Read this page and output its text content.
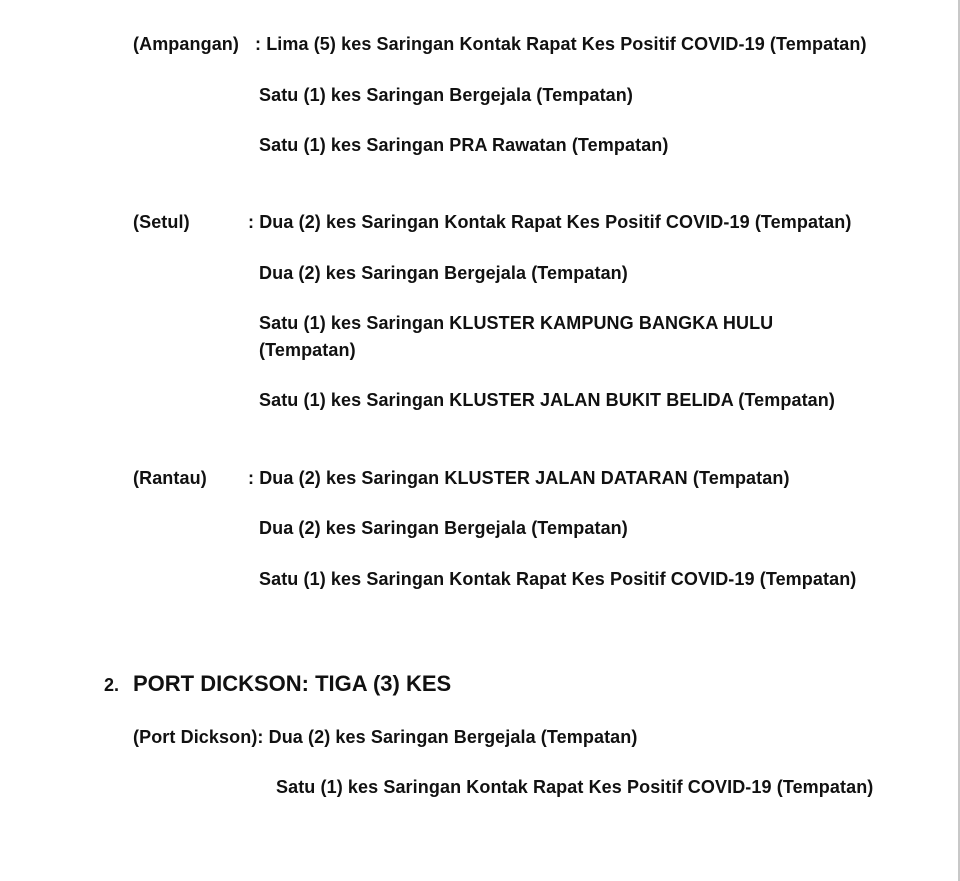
(Ampangan) : Lima (5) kes Saringan Kontak Rapat Kes Positif COVID-19 (Tempatan)
Satu (1) kes Saringan Bergejala (Tempatan)
Satu (1) kes Saringan PRA Rawatan (Tempatan)
(Setul)	: Dua (2) kes Saringan Kontak Rapat Kes Positif COVID-19 (Tempatan)
Dua (2) kes Saringan Bergejala (Tempatan)
Satu (1) kes Saringan KLUSTER KAMPUNG BANGKA HULU
(Tempatan)
Satu (1) kes Saringan KLUSTER JALAN BUKIT BELIDA (Tempatan)
(Rantau) : Dua (2) kes Saringan KLUSTER JALAN DATARAN (Tempatan)
Dua (2) kes Saringan Bergejala (Tempatan)
Satu (1) kes Saringan Kontak Rapat Kes Positif COVID-19 (Tempatan)
2. PORT DICKSON: TIGA (3) KES
(Port Dickson): Dua (2) kes Saringan Bergejala (Tempatan)
Satu (1) kes Saringan Kontak Rapat Kes Positif COVID-19 (Tempatan)
